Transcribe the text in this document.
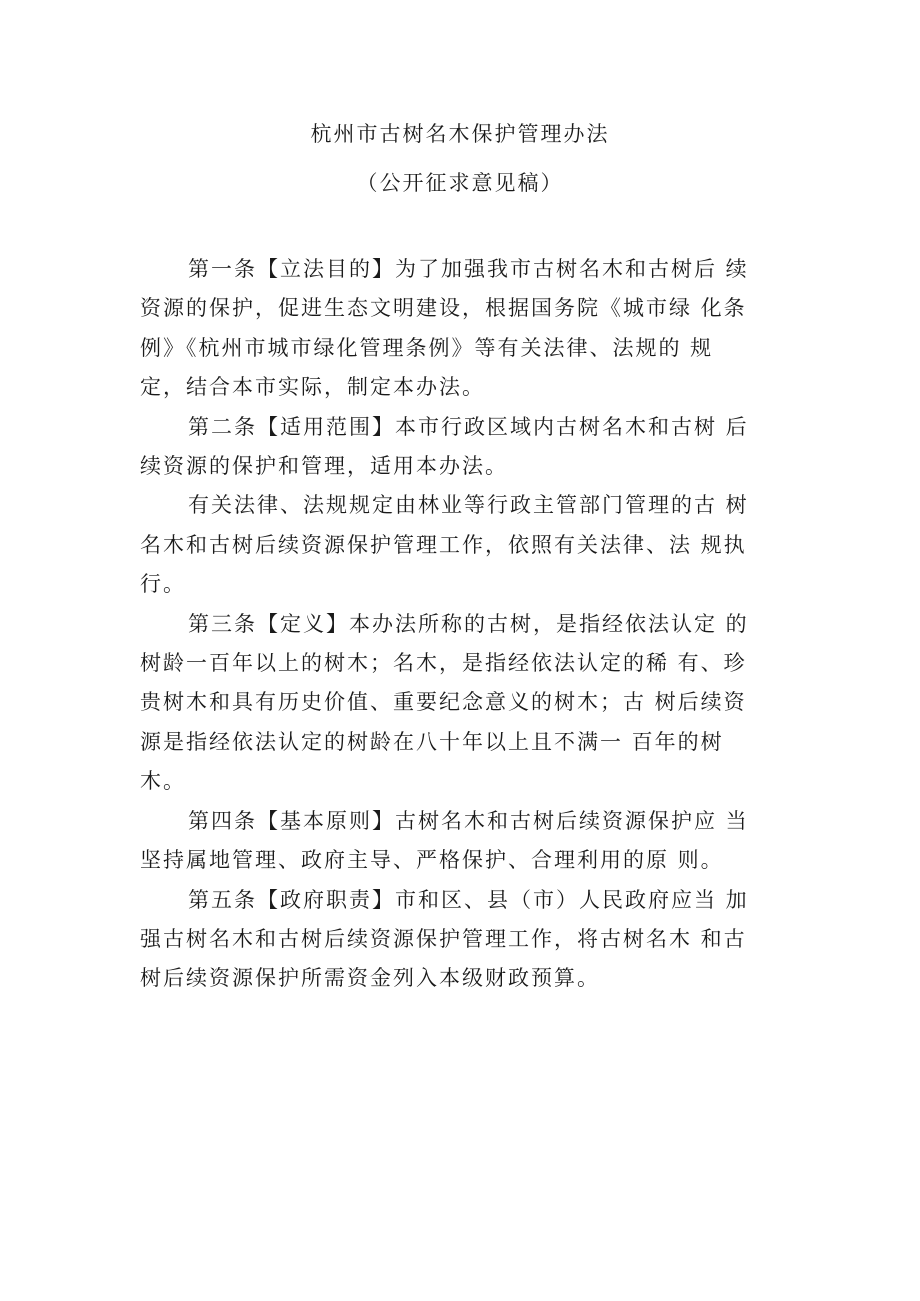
杭州市古树名木保护管理办法
（公开征求意见稿）

第一条【立法目的】为了加强我市古树名木和古树后 续
资源的保护，促进生态文明建设，根据国务院《城市绿 化条
例》《杭州市城市绿化管理条例》等有关法律、法规的 规
定，结合本市实际，制定本办法。

第二条【适用范围】本市行政区域内古树名木和古树 后
续资源的保护和管理，适用本办法。

有关法律、法规规定由林业等行政主管部门管理的古 树
名木和古树后续资源保护管理工作，依照有关法律、法 规执
行。

第三条【定义】本办法所称的古树，是指经依法认定 的
树龄一百年以上的树木；名木，是指经依法认定的稀 有、珍
贵树木和具有历史价值、重要纪念意义的树木；古 树后续资
源是指经依法认定的树龄在八十年以上且不满一 百年的树
木。

第四条【基本原则】古树名木和古树后续资源保护应 当
坚持属地管理、政府主导、严格保护、合理利用的原 则。

第五条【政府职责】市和区、县（市）人民政府应当 加
强古树名木和古树后续资源保护管理工作，将古树名木 和古
树后续资源保护所需资金列入本级财政预算。
